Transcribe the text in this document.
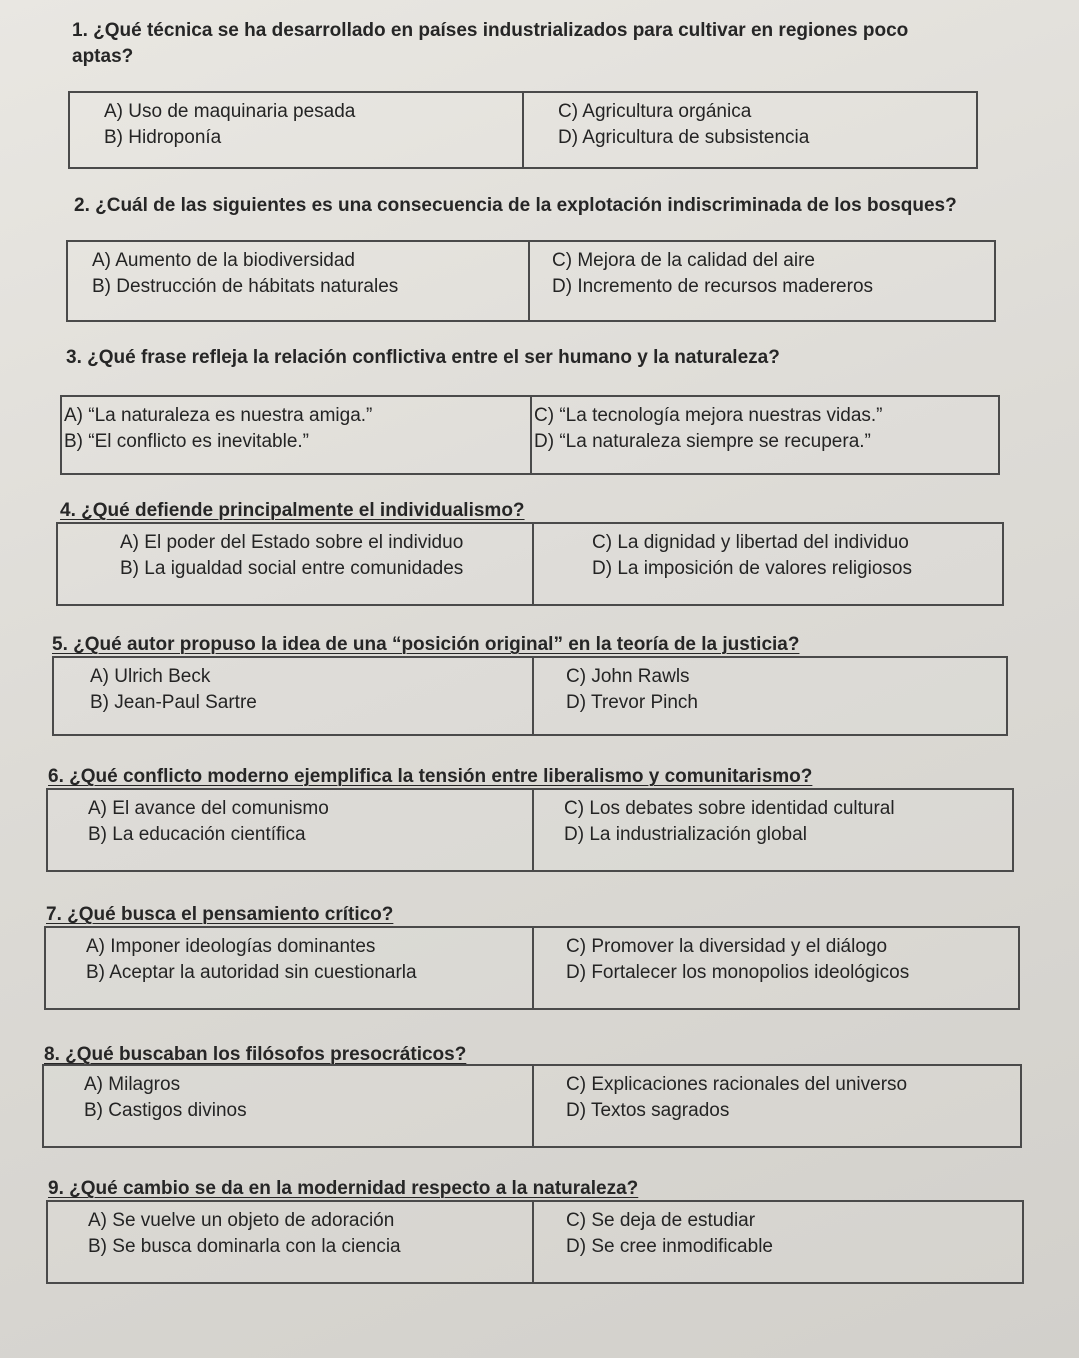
1. ¿Qué técnica se ha desarrollado en países industrializados para cultivar en regiones poco aptas?

A) Uso de maquinaria pesada
B) Hidroponía
C) Agricultura orgánica
D) Agricultura de subsistencia

2. ¿Cuál de las siguientes es una consecuencia de la explotación indiscriminada de los bosques?

A) Aumento de la biodiversidad
B) Destrucción de hábitats naturales
C) Mejora de la calidad del aire
D) Incremento de recursos madereros

3. ¿Qué frase refleja la relación conflictiva entre el ser humano y la naturaleza?

A) “La naturaleza es nuestra amiga.”
B) “El conflicto es inevitable.”
C) “La tecnología mejora nuestras vidas.”
D) “La naturaleza siempre se recupera.”

4. ¿Qué defiende principalmente el individualismo?

A) El poder del Estado sobre el individuo
B) La igualdad social entre comunidades
C) La dignidad y libertad del individuo
D) La imposición de valores religiosos

5. ¿Qué autor propuso la idea de una “posición original” en la teoría de la justicia?

A) Ulrich Beck
B) Jean-Paul Sartre
C) John Rawls
D) Trevor Pinch

6. ¿Qué conflicto moderno ejemplifica la tensión entre liberalismo y comunitarismo?

A) El avance del comunismo
B) La educación científica
C) Los debates sobre identidad cultural
D) La industrialización global

7. ¿Qué busca el pensamiento crítico?

A) Imponer ideologías dominantes
B) Aceptar la autoridad sin cuestionarla
C) Promover la diversidad y el diálogo
D) Fortalecer los monopolios ideológicos

8. ¿Qué buscaban los filósofos presocráticos?

A) Milagros
B) Castigos divinos
C) Explicaciones racionales del universo
D) Textos sagrados

9. ¿Qué cambio se da en la modernidad respecto a la naturaleza?

A) Se vuelve un objeto de adoración
B) Se busca dominarla con la ciencia
C) Se deja de estudiar
D) Se cree inmodificable
